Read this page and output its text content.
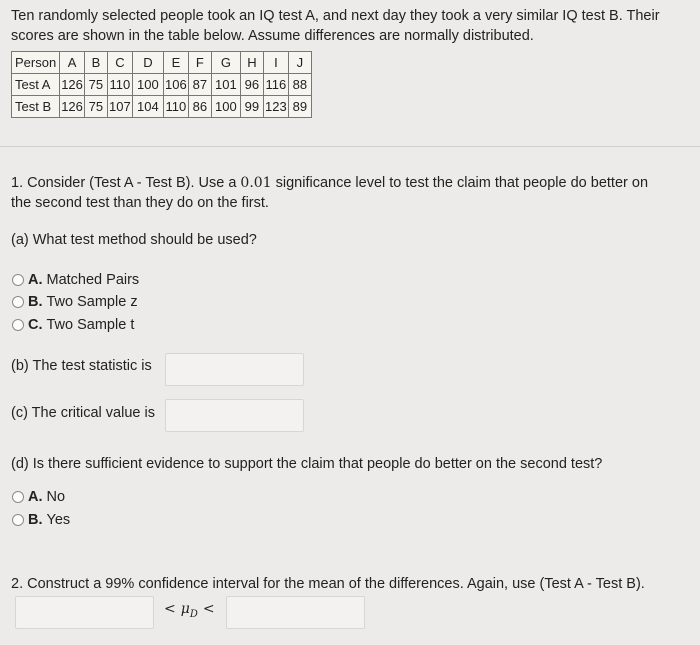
Ten randomly selected people took an IQ test A, and next day they took a very similar IQ test B. Their
scores are shown in the table below. Assume differences are normally distributed.
Person	A	B	C	D	E	F	G	H	I	J
Test A	126	75	110	100	106	87	101	96	116	88
Test B	126	75	107	104	110	86	100	99	123	89
1. Consider (Test A - Test B). Use a 0.01 significance level to test the claim that people do better on
the second test than they do on the first.
(a) What test method should be used?
A. Matched Pairs
B. Two Sample z
C. Two Sample t
(b) The test statistic is
(c) The critical value is
(d) Is there sufficient evidence to support the claim that people do better on the second test?
A. No
B. Yes
2. Construct a 99% confidence interval for the mean of the differences. Again, use (Test A - Test B).
< $\mu_D$ <
